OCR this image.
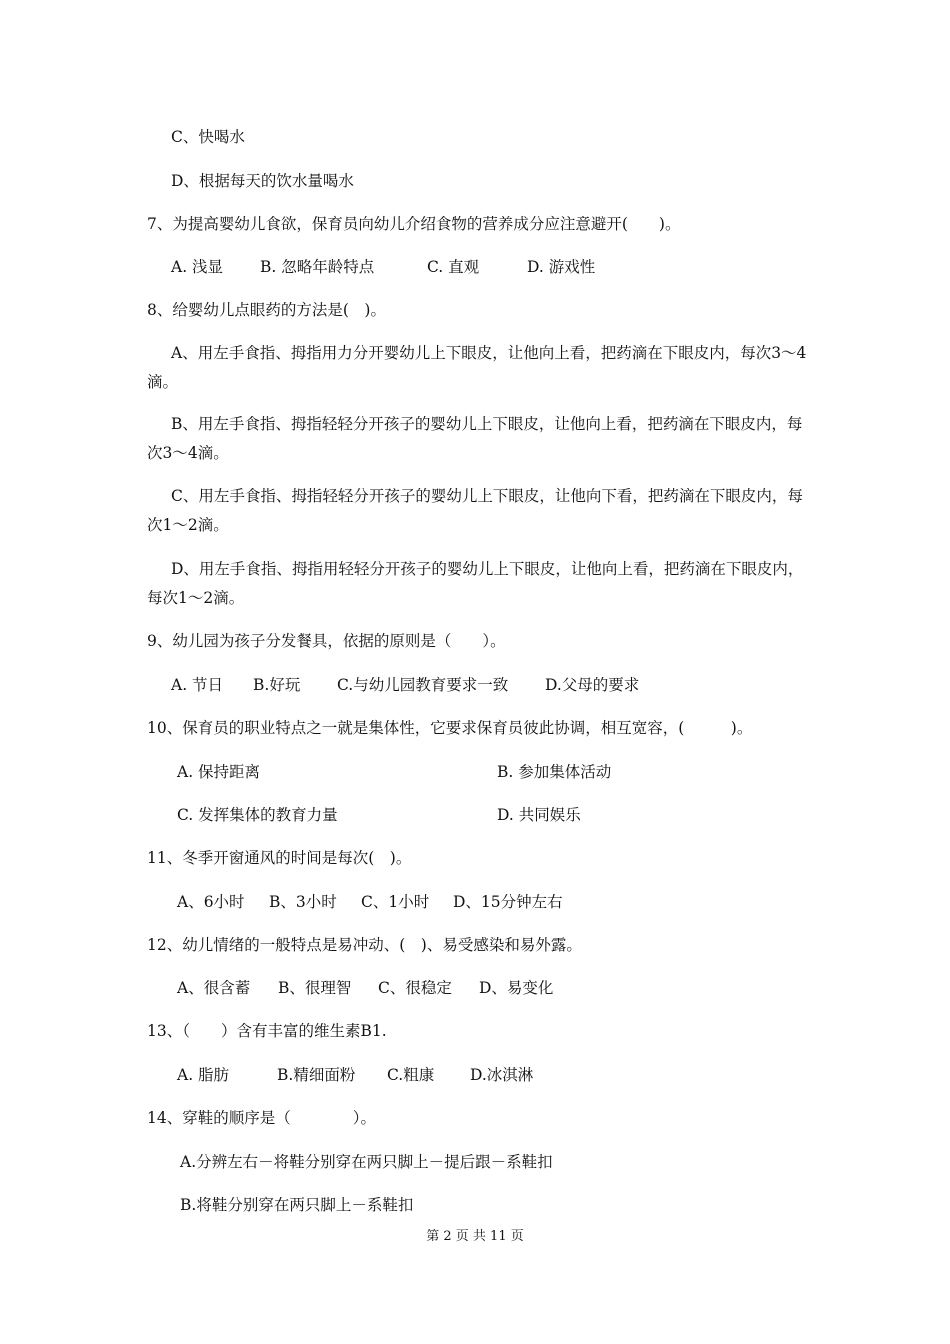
C、快喝水
D、根据每天的饮水量喝水
7、为提高婴幼儿食欲，保育员向幼儿介绍食物的营养成分应注意避开(　　)。
A. 浅显 B. 忽略年龄特点	C. 直观	D. 游戏性
8、给婴幼儿点眼药的方法是(　)。
A、用左手食指、拇指用力分开婴幼儿上下眼皮，让他向上看，把药滴在下眼皮内，每次3～4滴。
B、用左手食指、拇指轻轻分开孩子的婴幼儿上下眼皮，让他向上看，把药滴在下眼皮内，每次3～4滴。
C、用左手食指、拇指轻轻分开孩子的婴幼儿上下眼皮，让他向下看，把药滴在下眼皮内，每次1～2滴。
D、用左手食指、拇指用轻轻分开孩子的婴幼儿上下眼皮，让他向上看，把药滴在下眼皮内，每次1～2滴。
9、幼儿园为孩子分发餐具，依据的原则是（　　）。
A. 节日 B.好玩 C.与幼儿园教育要求一致 D.父母的要求
10、保育员的职业特点之一就是集体性，它要求保育员彼此协调，相互宽容，(　　　)。
A. 保持距离	B. 参加集体活动
C. 发挥集体的教育力量	D. 共同娱乐
11、冬季开窗通风的时间是每次(　)。
A、6小时 B、3小时 C、1小时 D、15分钟左右
12、幼儿情绪的一般特点是易冲动、(　)、易受感染和易外露。
A、很含蓄 B、很理智 C、很稳定 D、易变化
13、（　　）含有丰富的维生素B1.
A. 脂肪	B.精细面粉 C.粗康 D.冰淇淋
14、穿鞋的顺序是（　　　　）。
A.分辨左右－将鞋分别穿在两只脚上－提后跟－系鞋扣
B.将鞋分别穿在两只脚上－系鞋扣
第 2 页 共 11 页
